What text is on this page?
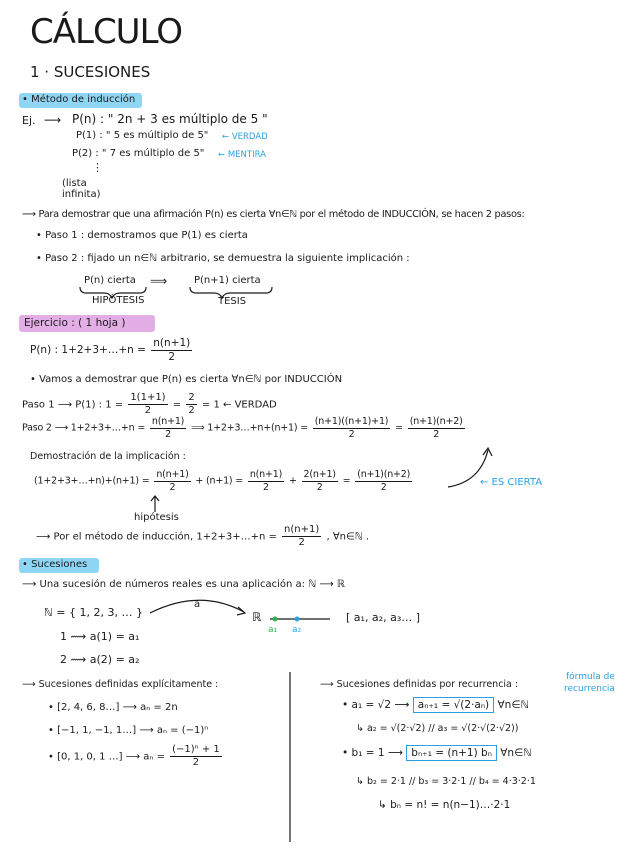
CÁLCULO
1 · SUCESIONES
• Método de inducción
Ej. ⟶ P(n) : " 2n + 3 es múltiplo de 5 "
P(1) : " 5 es múltiplo de 5" ← VERDAD
P(2) : " 7 es múltiplo de 5" ← MENTIRA
⋮
(lista
infinita)
⟶ Para demostrar que una afirmación P(n) es cierta ∀n∈ℕ por el método de INDUCCIÓN, se hacen 2 pasos:
• Paso 1 : demostramos que P(1) es cierta
• Paso 2 : fijado un n∈ℕ arbitrario, se demuestra la siguiente implicación :
P(n) cierta ⟹	P(n+1) cierta
HIPÓTESIS	TESIS
Ejercicio : ( 1 hoja )
P(n) : 1+2+3+…+n = $\frac{n(n+1)}{2}$
• Vamos a demostrar que P(n) es cierta ∀n∈ℕ por INDUCCIÓN
Paso 1 ⟶ P(1) : $1 = \frac{1(1+1)}{2} = \frac{2}{2} = 1$ ← VERDAD
Paso 2 ⟶ 1+2+3+…+n = $\frac{n(n+1)}{2}$ ⟹ 1+2+3…+n+(n+1) = $\frac{(n+1)((n+1)+1)}{2} = \frac{(n+1)(n+2)}{2}$
Demostración de la implicación :
(1+2+3+…+n)+(n+1) = $\frac{n(n+1)}{2} + (n+1) = \frac{n(n+1)}{2} + \frac{2(n+1)}{2} = \frac{(n+1)(n+2)}{2}$	← ES CIERTA
hipótesis
⟶ Por el método de inducción, 1+2+3+…+n = $\frac{n(n+1)}{2}$ , ∀n∈ℕ .
• Sucesiones
⟶ Una sucesión de números reales es una aplicación a: ℕ ⟶ ℝ
ℕ = { 1, 2, 3, … }
a
ℝ
a₁ a₂
[ a₁, a₂, a₃… ]
1 ⟿ a(1) = a₁
2 ⟿ a(2) = a₂
⟶ Sucesiones definidas explícitamente :
• [2, 4, 6, 8…] ⟶ aₙ = 2n
• [−1, 1, −1, 1…] ⟶ aₙ = (−1)ⁿ
• [0, 1, 0, 1 …] ⟶ $a_n = \frac{\text{(−1)ⁿ + 1}}{2}$
⟶ Sucesiones definidas por recurrencia :
fórmula de
recurrencia
• a₁ = √2 ⟶ aₙ₊₁ = √(2·aₙ) ∀n∈ℕ
↳ a₂ = √(2·√2) // a₃ = √(2·√(2·√2))
• b₁ = 1 ⟶ bₙ₊₁ = (n+1) bₙ ∀n∈ℕ
↳ b₂ = 2·1 // b₃ = 3·2·1 // b₄ = 4·3·2·1
↳ bₙ = n! = n(n−1)…·2·1
